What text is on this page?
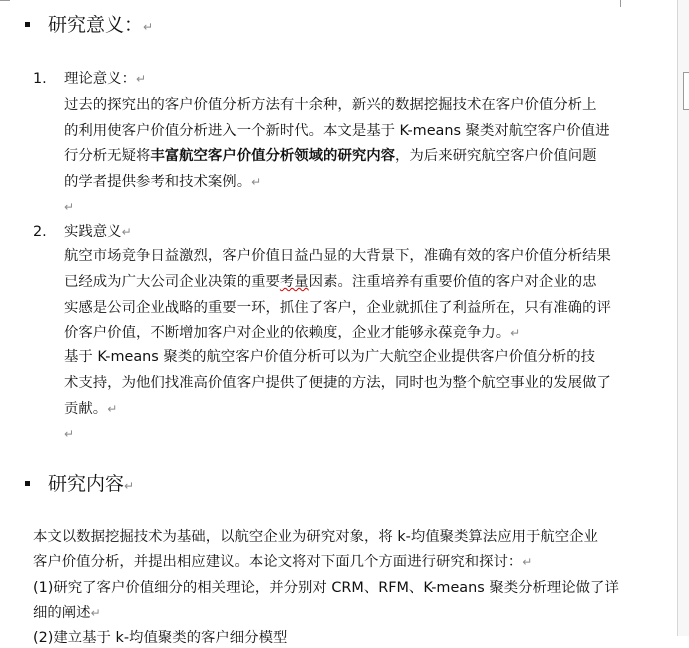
研究意义：↵
1. 理论意义：↵
过去的探究出的客户价值分析方法有十余种，新兴的数据挖掘技术在客户价值分析上
的利用使客户价值分析进入一个新时代。本文是基于 K-means 聚类对航空客户价值进
行分析无疑将丰富航空客户价值分析领域的研究内容，为后来研究航空客户价值问题
的学者提供参考和技术案例。↵
↵
2. 实践意义↵
航空市场竞争日益激烈，客户价值日益凸显的大背景下，准确有效的客户价值分析结果
已经成为广大公司企业决策的重要考量因素。注重培养有重要价值的客户对企业的忠
实感是公司企业战略的重要一环，抓住了客户，企业就抓住了利益所在，只有准确的评
价客户价值，不断增加客户对企业的依赖度，企业才能够永葆竞争力。↵
基于 K-means 聚类的航空客户价值分析可以为广大航空企业提供客户价值分析的技
术支持，为他们找准高价值客户提供了便捷的方法，同时也为整个航空事业的发展做了
贡献。↵
↵
研究内容↵
本文以数据挖掘技术为基础，以航空企业为研究对象，将 k-均值聚类算法应用于航空企业
客户价值分析，并提出相应建议。本论文将对下面几个方面进行研究和探讨：↵
(1)研究了客户价值细分的相关理论，并分别对 CRM、RFM、K-means 聚类分析理论做了详
细的阐述↵
(2)建立基于 k-均值聚类的客户细分模型
